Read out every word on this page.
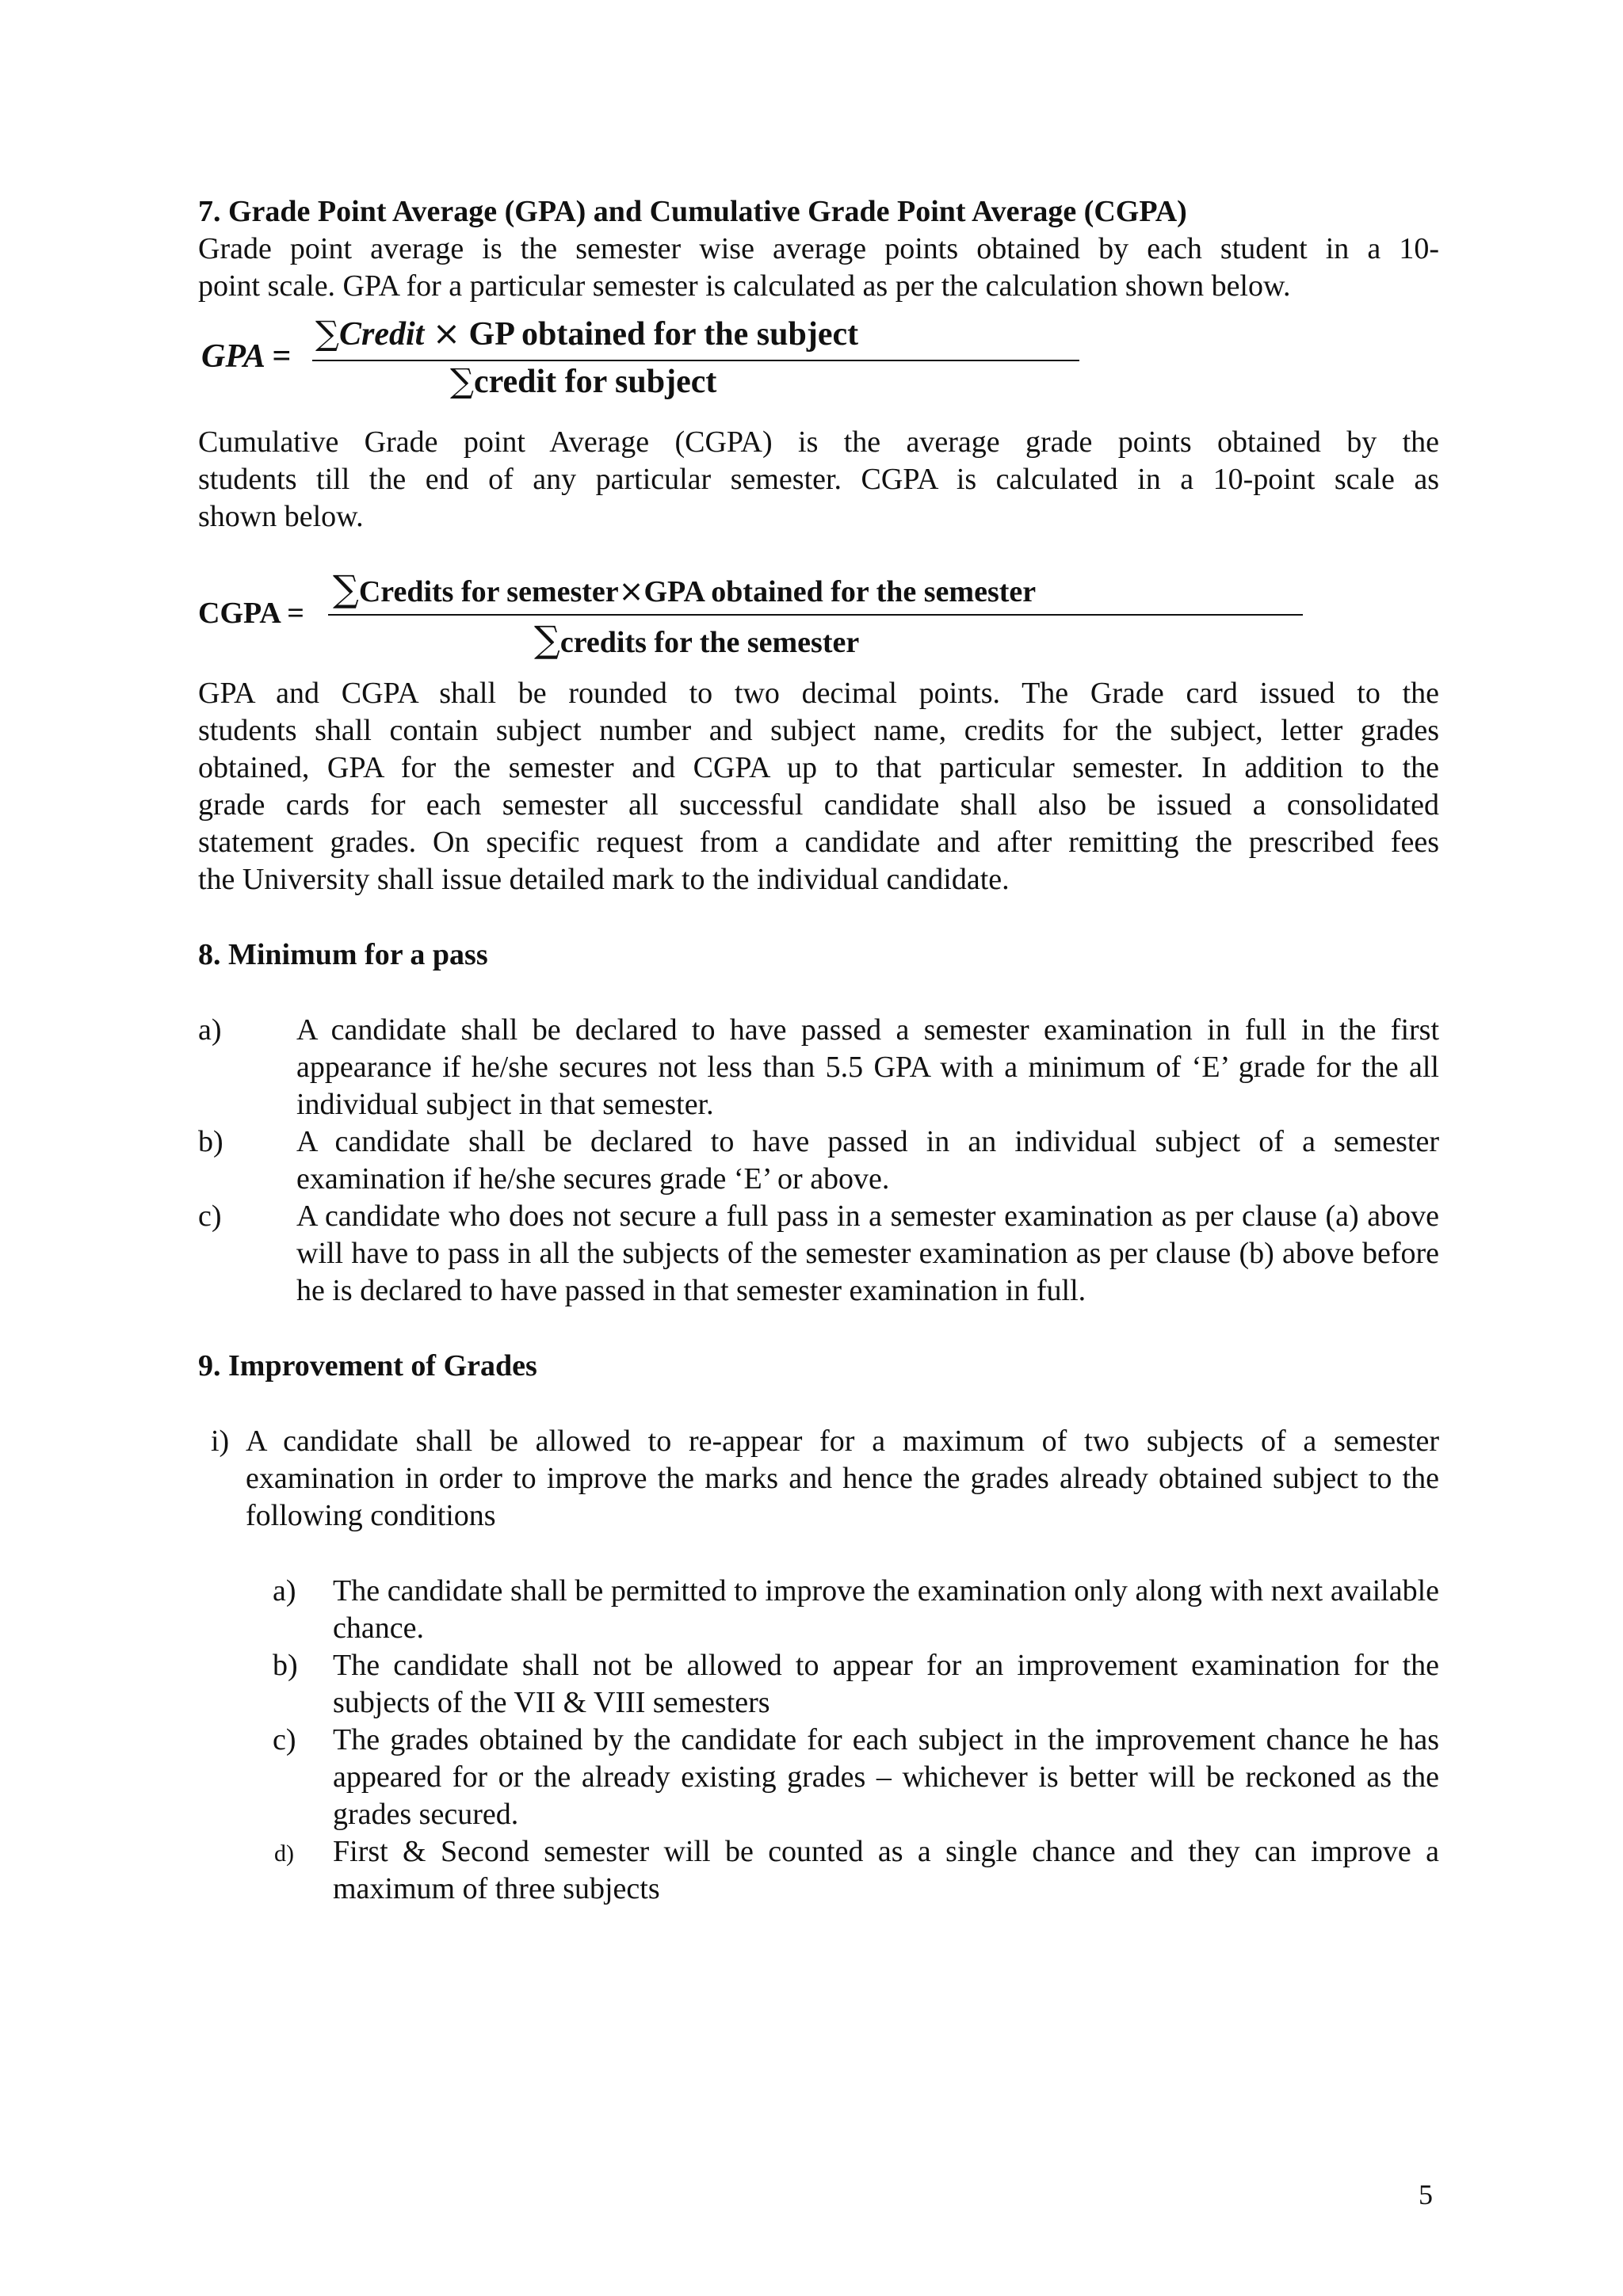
7. Grade Point Average (GPA) and Cumulative Grade Point Average (CGPA)

Grade point average is the semester wise average points obtained by each student in a 10-

point scale. GPA for a particular semester is calculated as per the calculation shown below.

GPA =
∑Credit × GP obtained for the subject
∑credit for subject

Cumulative Grade point Average (CGPA) is the average grade points obtained by the

students till the end of any particular semester. CGPA is calculated in a 10-point scale as

shown below.

CGPA =
∑Credits for semester×GPA obtained for the semester
∑credits for the semester

GPA and CGPA shall be rounded to two decimal points. The Grade card issued to the

students shall contain subject number and subject name, credits for the subject, letter grades

obtained, GPA for the semester and CGPA up to that particular semester. In addition to the

grade cards for each semester all successful candidate shall also be issued a consolidated

statement grades. On specific request from a candidate and after remitting the prescribed fees

the University shall issue detailed mark to the individual candidate.

8. Minimum for a pass
a) A candidate shall be declared to have passed a semester examination in full in the first appearance if he/she secures not less than 5.5 GPA with a minimum of ‘E’ grade for the all individual subject in that semester.
b) A candidate shall be declared to have passed in an individual subject of a semester examination if he/she secures grade ‘E’ or above.
c) A candidate who does not secure a full pass in a semester examination as per clause (a) above will have to pass in all the subjects of the semester examination as per clause (b) above before he is declared to have passed in that semester examination in full.
9. Improvement of Grades
i) A candidate shall be allowed to re-appear for a maximum of two subjects of a semester examination in order to improve the marks and hence the grades already obtained subject to the following conditions
a) The candidate shall be permitted to improve the examination only along with next available chance.
b) The candidate shall not be allowed to appear for an improvement examination for the subjects of the VII & VIII semesters
c) The grades obtained by the candidate for each subject in the improvement chance he has appeared for or the already existing grades – whichever is better will be reckoned as the grades secured.
d) First & Second semester will be counted as a single chance and they can improve a maximum of three subjects
5
